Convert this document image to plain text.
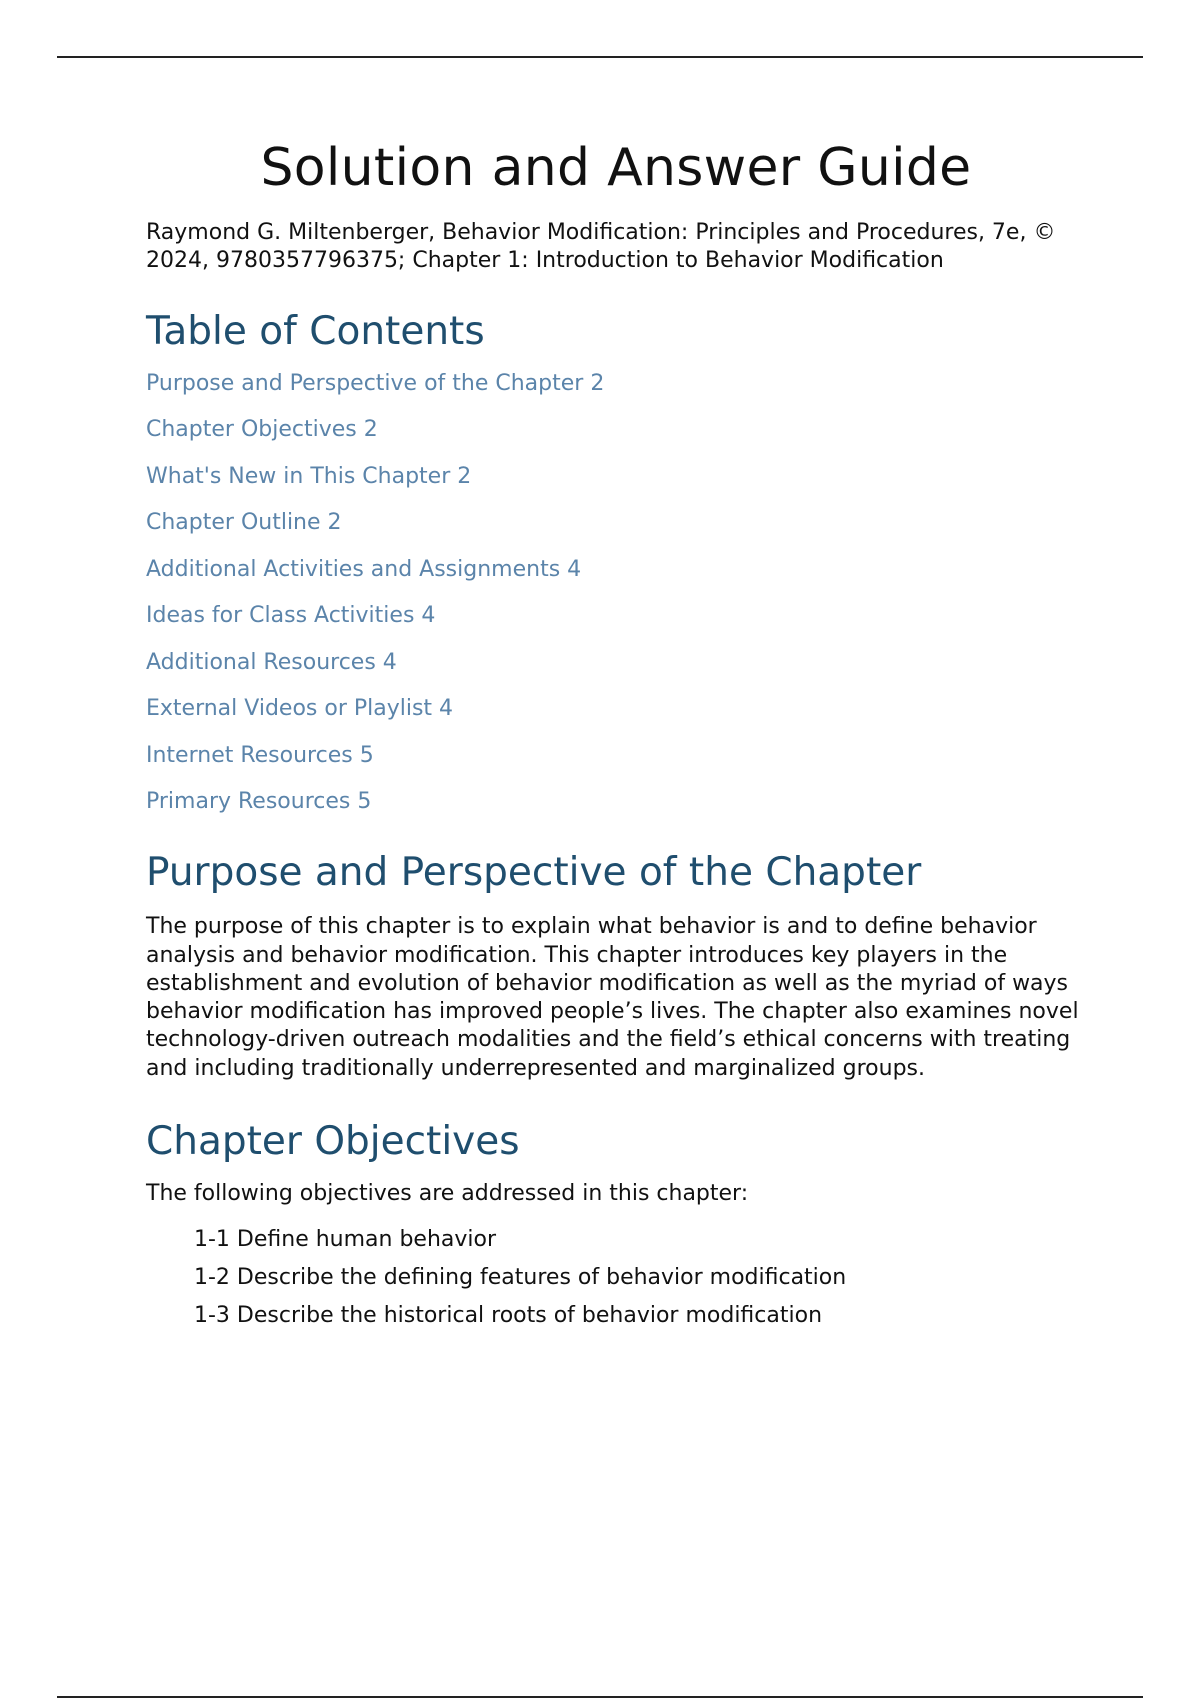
Solution and Answer Guide

Raymond G. Miltenberger, Behavior Modification: Principles and Procedures, 7e, © 2024, 9780357796375; Chapter 1: Introduction to Behavior Modification

Table of Contents
Purpose and Perspective of the Chapter 2
Chapter Objectives 2
What's New in This Chapter 2
Chapter Outline 2
Additional Activities and Assignments 4
Ideas for Class Activities 4
Additional Resources 4
External Videos or Playlist 4
Internet Resources 5
Primary Resources 5
Purpose and Perspective of the Chapter

The purpose of this chapter is to explain what behavior is and to define behavior analysis and behavior modification. This chapter introduces key players in the establishment and evolution of behavior modification as well as the myriad of ways behavior modification has improved people’s lives. The chapter also examines novel technology-driven outreach modalities and the field’s ethical concerns with treating and including traditionally underrepresented and marginalized groups.

Chapter Objectives

The following objectives are addressed in this chapter:

1-1 Define human behavior
1-2 Describe the defining features of behavior modification
1-3 Describe the historical roots of behavior modification
